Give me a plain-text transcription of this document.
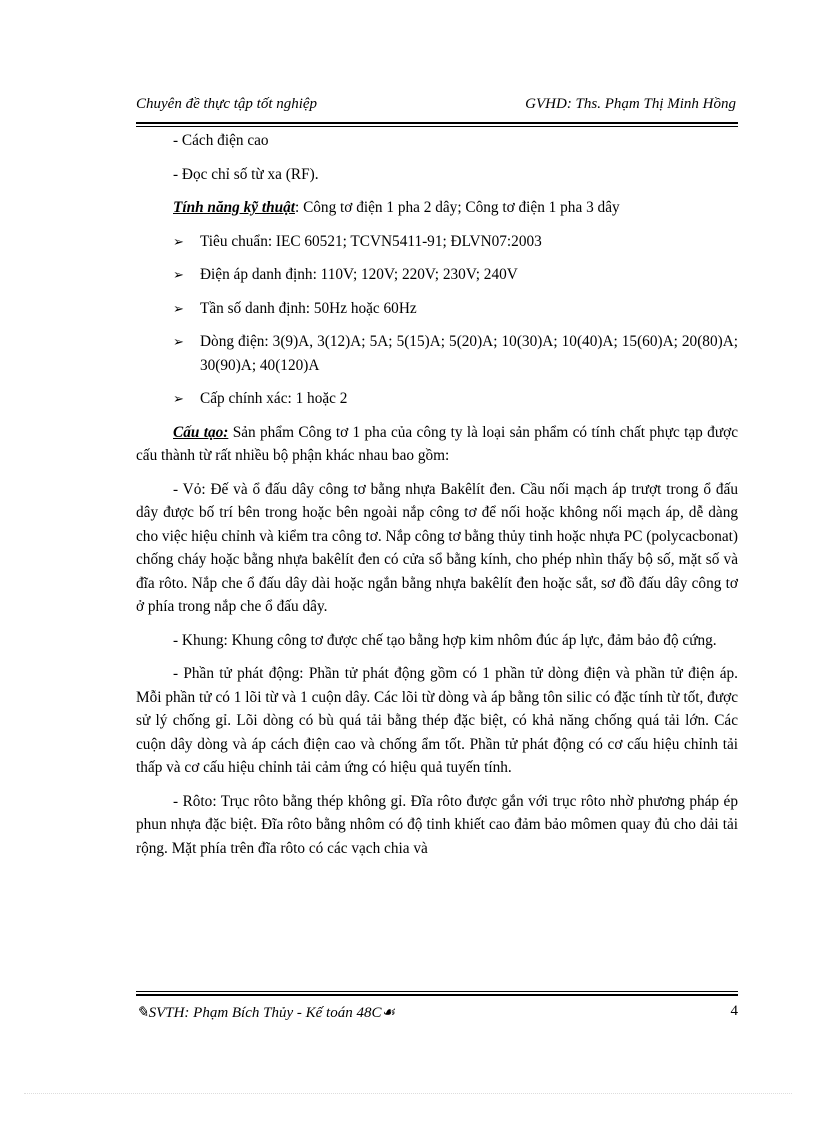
Chuyên đề thực tập tốt nghiệp	GVHD: Ths. Phạm Thị Minh Hồng

- Cách điện cao

- Đọc chỉ số từ xa (RF).

Tính năng kỹ thuật: Công tơ điện 1 pha 2 dây; Công tơ điện 1 pha 3 dây

➢ Tiêu chuẩn: IEC 60521; TCVN5411-91; ĐLVN07:2003
➢ Điện áp danh định: 110V; 120V; 220V; 230V; 240V
➢ Tần số danh định: 50Hz hoặc 60Hz
➢ Dòng điện: 3(9)A, 3(12)A; 5A; 5(15)A; 5(20)A; 10(30)A; 10(40)A; 15(60)A; 20(80)A; 30(90)A; 40(120)A
➢ Cấp chính xác: 1 hoặc 2

Cấu tạo: Sản phẩm Công tơ 1 pha của công ty là loại sản phẩm có tính chất phực tạp được cấu thành từ rất nhiều bộ phận khác nhau bao gồm:

- Vỏ: Đế và ổ đấu dây công tơ bằng nhựa Bakêlít đen. Cầu nối mạch áp trượt trong ổ đấu dây được bố trí bên trong hoặc bên ngoài nắp công tơ để nối hoặc không nối mạch áp, dễ dàng cho việc hiệu chỉnh và kiểm tra công tơ. Nắp công tơ bằng thủy tinh hoặc nhựa PC (polycacbonat) chống cháy hoặc bằng nhựa bakêlít đen có cửa sổ bằng kính, cho phép nhìn thấy bộ số, mặt số và đĩa rôto. Nắp che ổ đấu dây dài hoặc ngắn bằng nhựa bakêlít đen hoặc sắt, sơ đồ đấu dây công tơ ở phía trong nắp che ổ đấu dây.

- Khung: Khung công tơ được chế tạo bằng hợp kim nhôm đúc áp lực, đảm bảo độ cứng.

- Phần tử phát động: Phần tử phát động gồm có 1 phần tử dòng điện và phần tử điện áp. Mỗi phần tử có 1 lõi từ và 1 cuộn dây. Các lõi từ dòng và áp bằng tôn silic có đặc tính từ tốt, được sử lý chống gỉ. Lõi dòng có bù quá tải bằng thép đặc biệt, có khả năng chống quá tải lớn. Các cuộn dây dòng và áp cách điện cao và chống ẩm tốt. Phần tử phát động có cơ cấu hiệu chỉnh tải thấp và cơ cấu hiệu chỉnh tải cảm ứng có hiệu quả tuyến tính.

- Rôto: Trục rôto bằng thép không gỉ. Đĩa rôto được gắn với trục rôto nhờ phương pháp ép phun nhựa đặc biệt. Đĩa rôto bằng nhôm có độ tinh khiết cao đảm bảo mômen quay đủ cho dải tải rộng. Mặt phía trên đĩa rôto có các vạch chia và

✎SVTH: Phạm Bích Thủy - Kế toán 48C☙	4
